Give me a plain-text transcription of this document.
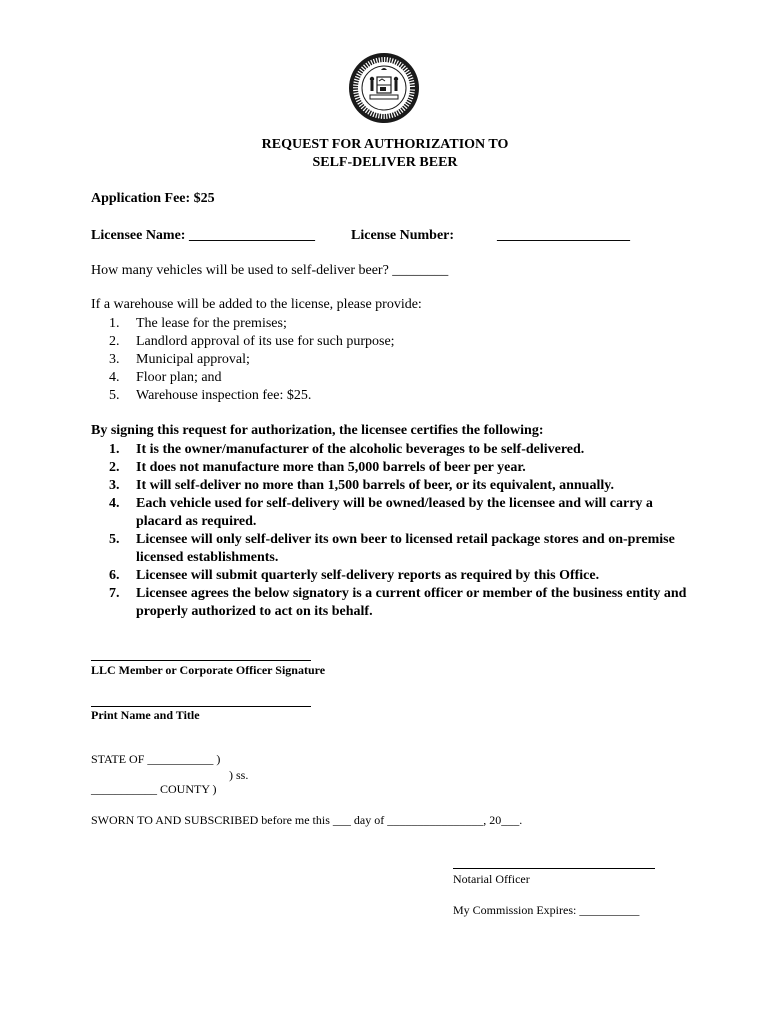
REQUEST FOR AUTHORIZATION TO
SELF-DELIVER BEER
Application Fee: $25
Licensee Name: __________________	License Number:	___________________
How many vehicles will be used to self-deliver beer? ________
If a warehouse will be added to the license, please provide:
1. The lease for the premises;
2. Landlord approval of its use for such purpose;
3. Municipal approval;
4. Floor plan; and
5. Warehouse inspection fee: $25.
By signing this request for authorization, the licensee certifies the following:
1.	It is the owner/manufacturer of the alcoholic beverages to be self-delivered.
2.	It does not manufacture more than 5,000 barrels of beer per year.
3.	It will self-deliver no more than 1,500 barrels of beer, or its equivalent, annually.
4.	Each vehicle used for self-delivery will be owned/leased by the licensee and will carry a placard as required.
5.	Licensee will only self-deliver its own beer to licensed retail package stores and on-premise licensed establishments.
6.	Licensee will submit quarterly self-delivery reports as required by this Office.
7.	Licensee agrees the below signatory is a current officer or member of the business entity and properly authorized to act on its behalf.
LLC Member or Corporate Officer Signature
Print Name and Title
STATE OF ___________ )
) ss.
___________ COUNTY )
SWORN TO AND SUBSCRIBED before me this ___ day of ________________, 20___.
Notarial Officer
My Commission Expires: __________
